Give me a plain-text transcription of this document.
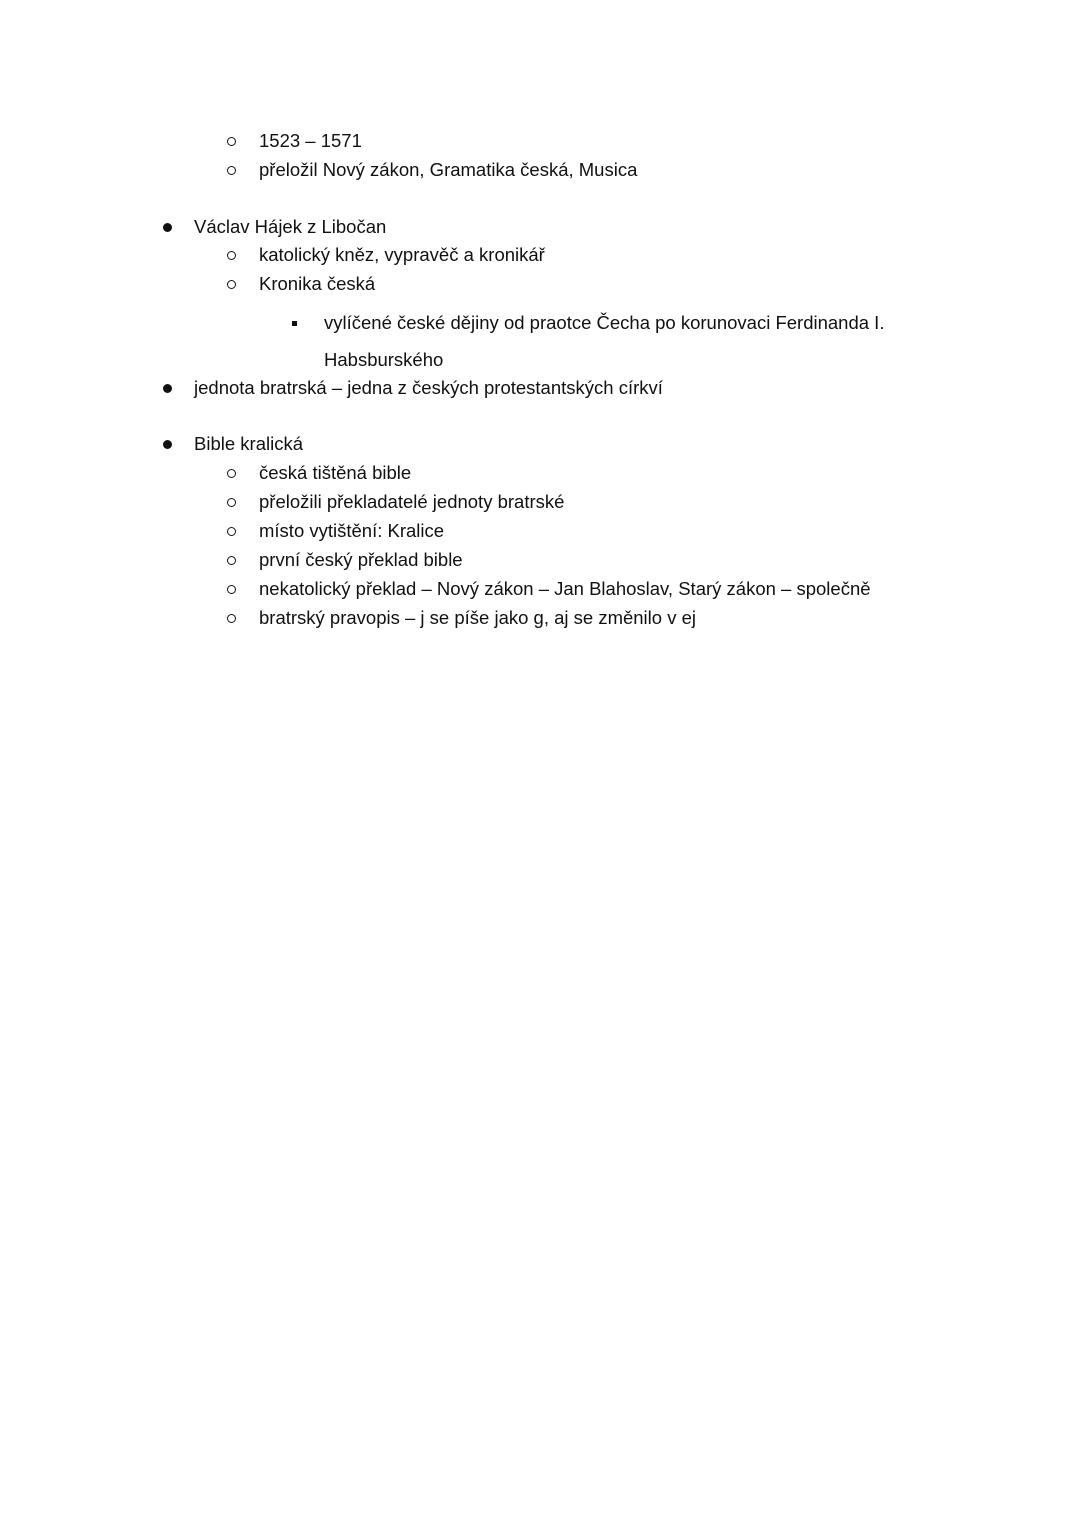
1523 – 1571
přeložil Nový zákon, Gramatika česká, Musica
Václav Hájek z Libočan
katolický kněz, vypravěč a kronikář
Kronika česká
vylíčené české dějiny od praotce Čecha po korunovaci Ferdinanda I.
Habsburského
jednota bratrská – jedna z českých protestantských církví
Bible kralická
česká tištěná bible
přeložili překladatelé jednoty bratrské
místo vytištění: Kralice
první český překlad bible
nekatolický překlad – Nový zákon – Jan Blahoslav, Starý zákon – společně
bratrský pravopis – j se píše jako g, aj se změnilo v ej
